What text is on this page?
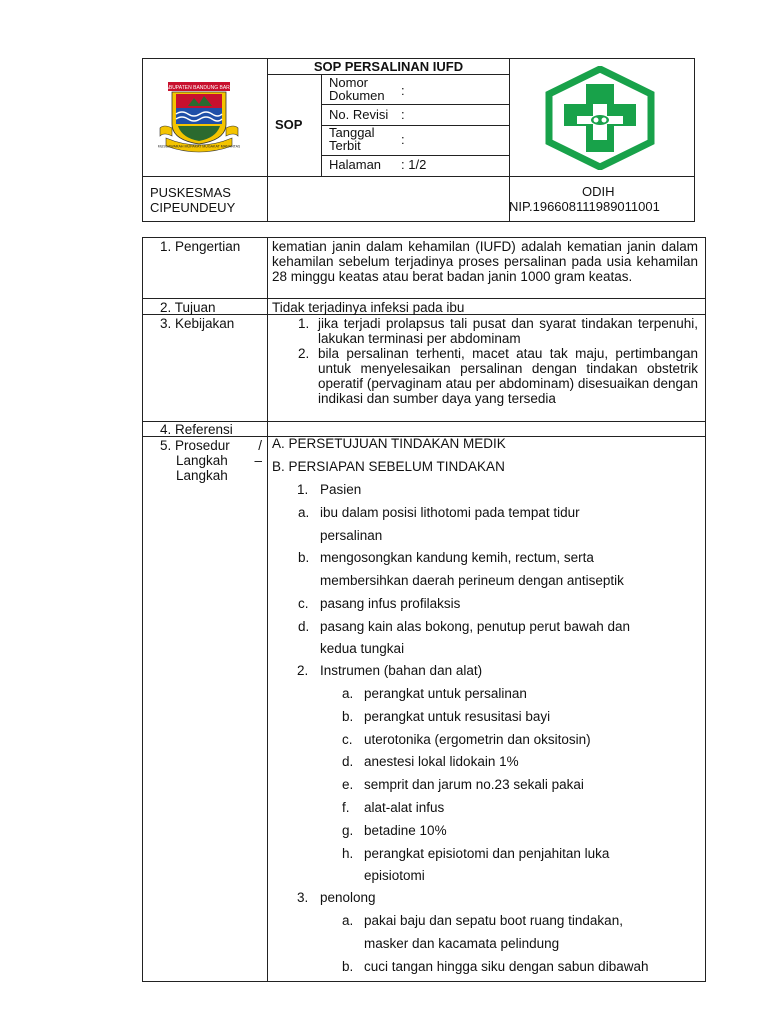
KABUPATEN BANDUNG BARAT
MUSSAWARAH MUPAKAT MUGAKAT MANANTAS
SOP PERSALINAN IUFD
SOP
Nomor Dokumen	:
No. Revisi :
Tanggal Terbit	:
Halaman : 1/2
PUSKESMAS
CIPEUNDEUY
ODIH
NIP.196608111989011001
1. Pengertian
2. Tujuan
3. Kebijakan
4. Referensi
5. Prosedur /
Langkah –
Langkah
kematian janin dalam kehamilan (IUFD) adalah kematian janin dalam kehamilan sebelum terjadinya proses persalinan pada usia kehamilan 28 minggu keatas atau berat badan janin 1000 gram keatas.
Tidak terjadinya infeksi pada ibu
1. jika terjadi prolapsus tali pusat dan syarat tindakan terpenuhi, lakukan terminasi per abdominam
2. bila persalinan terhenti, macet atau tak maju, pertimbangan untuk menyelesaikan persalinan dengan tindakan obstetrik operatif (pervaginam atau per abdominam) disesuaikan dengan indikasi dan sumber daya yang tersedia
A. PERSETUJUAN TINDAKAN MEDIK
B. PERSIAPAN SEBELUM TINDAKAN
1. Pasien
a. ibu dalam posisi lithotomi pada tempat tidur
persalinan
b. mengosongkan kandung kemih, rectum, serta
membersihkan daerah perineum dengan antiseptik
c. pasang infus profilaksis
d. pasang kain alas bokong, penutup perut bawah dan
kedua tungkai
2. Instrumen (bahan dan alat)
a. perangkat untuk persalinan
b. perangkat untuk resusitasi bayi
c. uterotonika (ergometrin dan oksitosin)
d. anestesi lokal lidokain 1%
e. semprit dan jarum no.23 sekali pakai
f. alat-alat infus
g. betadine 10%
h. perangkat episiotomi dan penjahitan luka
episiotomi
3. penolong
a. pakai baju dan sepatu boot ruang tindakan,
masker dan kacamata pelindung
b. cuci tangan hingga siku dengan sabun dibawah
